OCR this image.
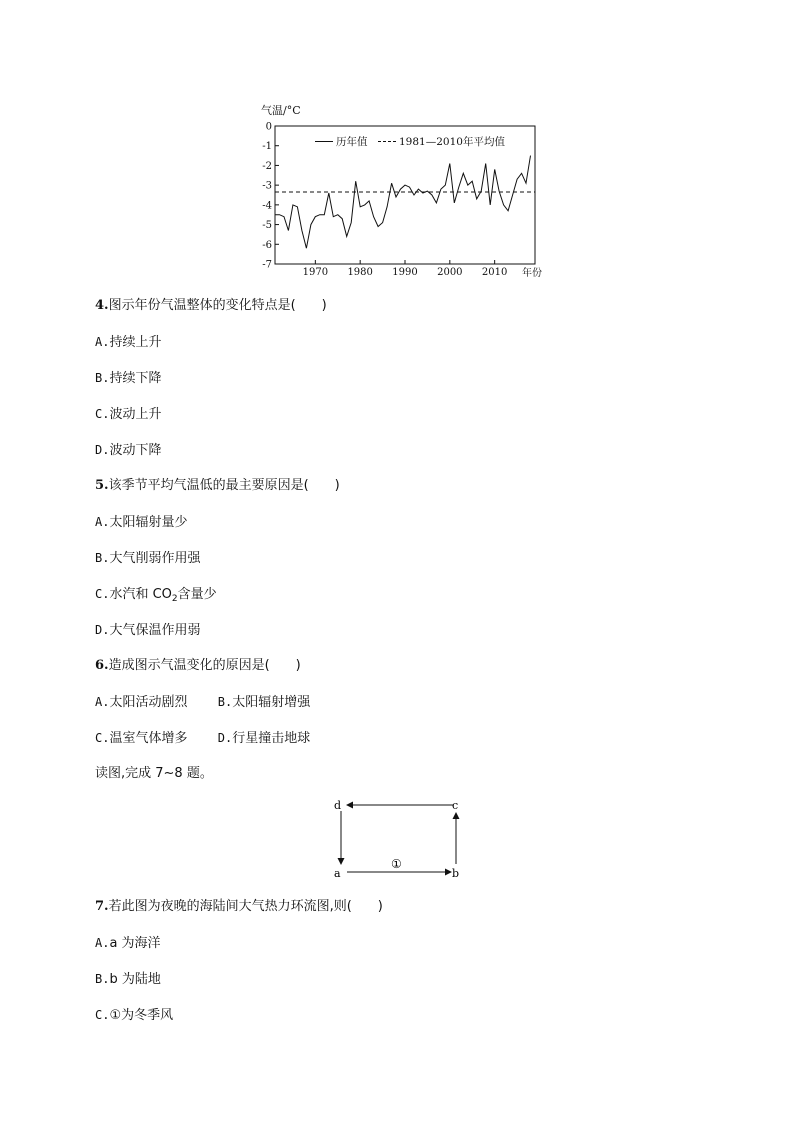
0
-1
-2
-3
-4
-5
-6
-7
1970 1980 1990 2000 2010
气温/°C
年份
历年值	1981—2010年平均值
4.图示年份气温整体的变化特点是(　　)
A.持续上升
B.持续下降
C.波动上升
D.波动下降
5.该季节平均气温低的最主要原因是(　　)
A.太阳辐射量少
B.大气削弱作用强
C.水汽和 $CO_2$含量少
D.大气保温作用弱
6.造成图示气温变化的原因是(　　)
A.太阳活动剧烈	B.太阳辐射增强
C.温室气体增多	D.行星撞击地球
读图,完成 7~8 题。
d	c
a	b
①
7.若此图为夜晚的海陆间大气热力环流图,则(　　)
A.a 为海洋
B.b 为陆地
C.①为冬季风
